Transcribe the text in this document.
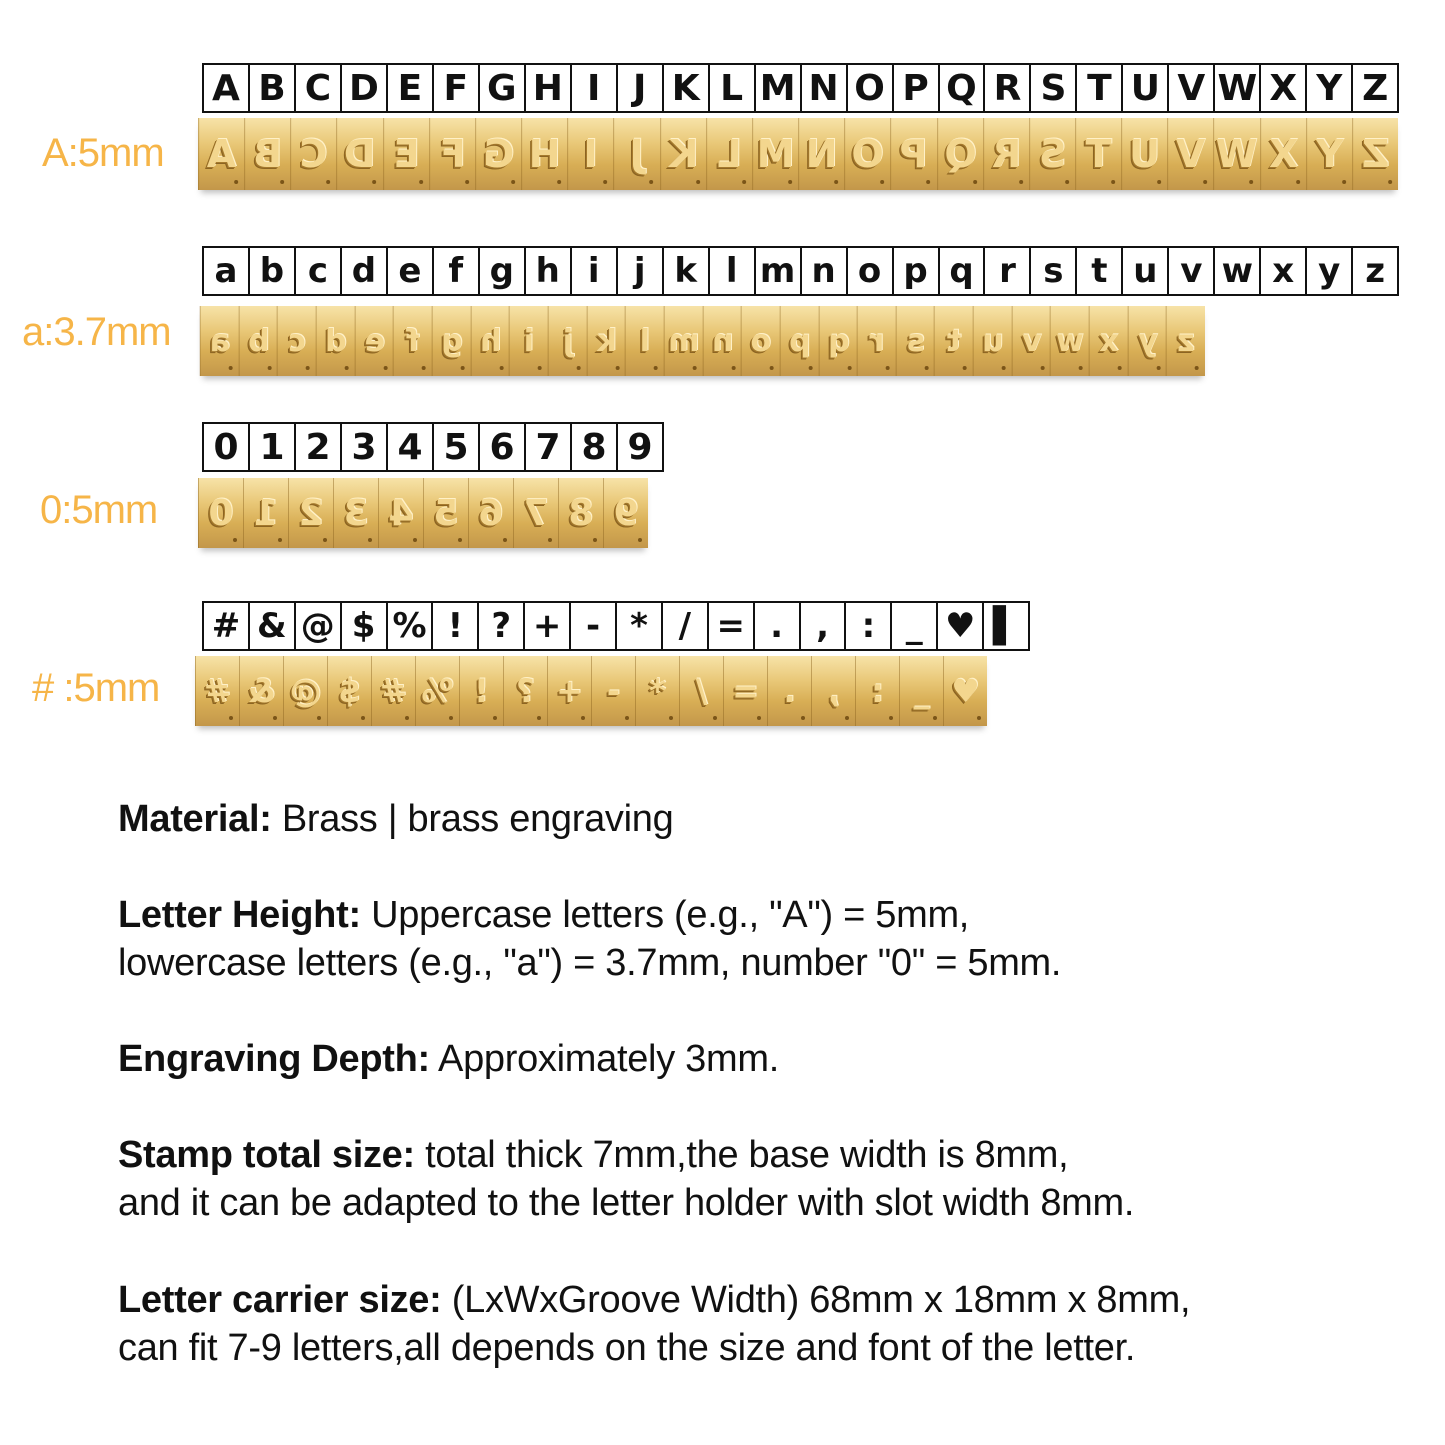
A:5mm
A B C D E F G H I J K L M N O P Q R S T U V W X Y Z
A B C D E F G H I J K L M N O P Q R S T U V W X Y Z
a:3.7mm
a b c d e f g h i	j k l m n o p q r s t u v w x y z
a b c d e f g h i j k l m n o p q r s t u v w x y z
0:5mm
0 1 2 3 4 5 6 7 8 9
0 1 2 3 4 5 6 7 8 9
# :5mm
# & @ $ % ! ? + - * / = . , : _ ♥ ▌
# & @ $ # % ! ? + - * / = . , : _ ♥
Material: Brass | brass engraving
Letter Height: Uppercase letters (e.g., "A") = 5mm,
lowercase letters (e.g., "a") = 3.7mm, number "0" = 5mm.
Engraving Depth: Approximately 3mm.
Stamp total size: total thick 7mm,the base width is 8mm,
and it can be adapted to the letter holder with slot width 8mm.
Letter carrier size: (LxWxGroove Width) 68mm x 18mm x 8mm,
can fit 7-9 letters,all depends on the size and font of the letter.
